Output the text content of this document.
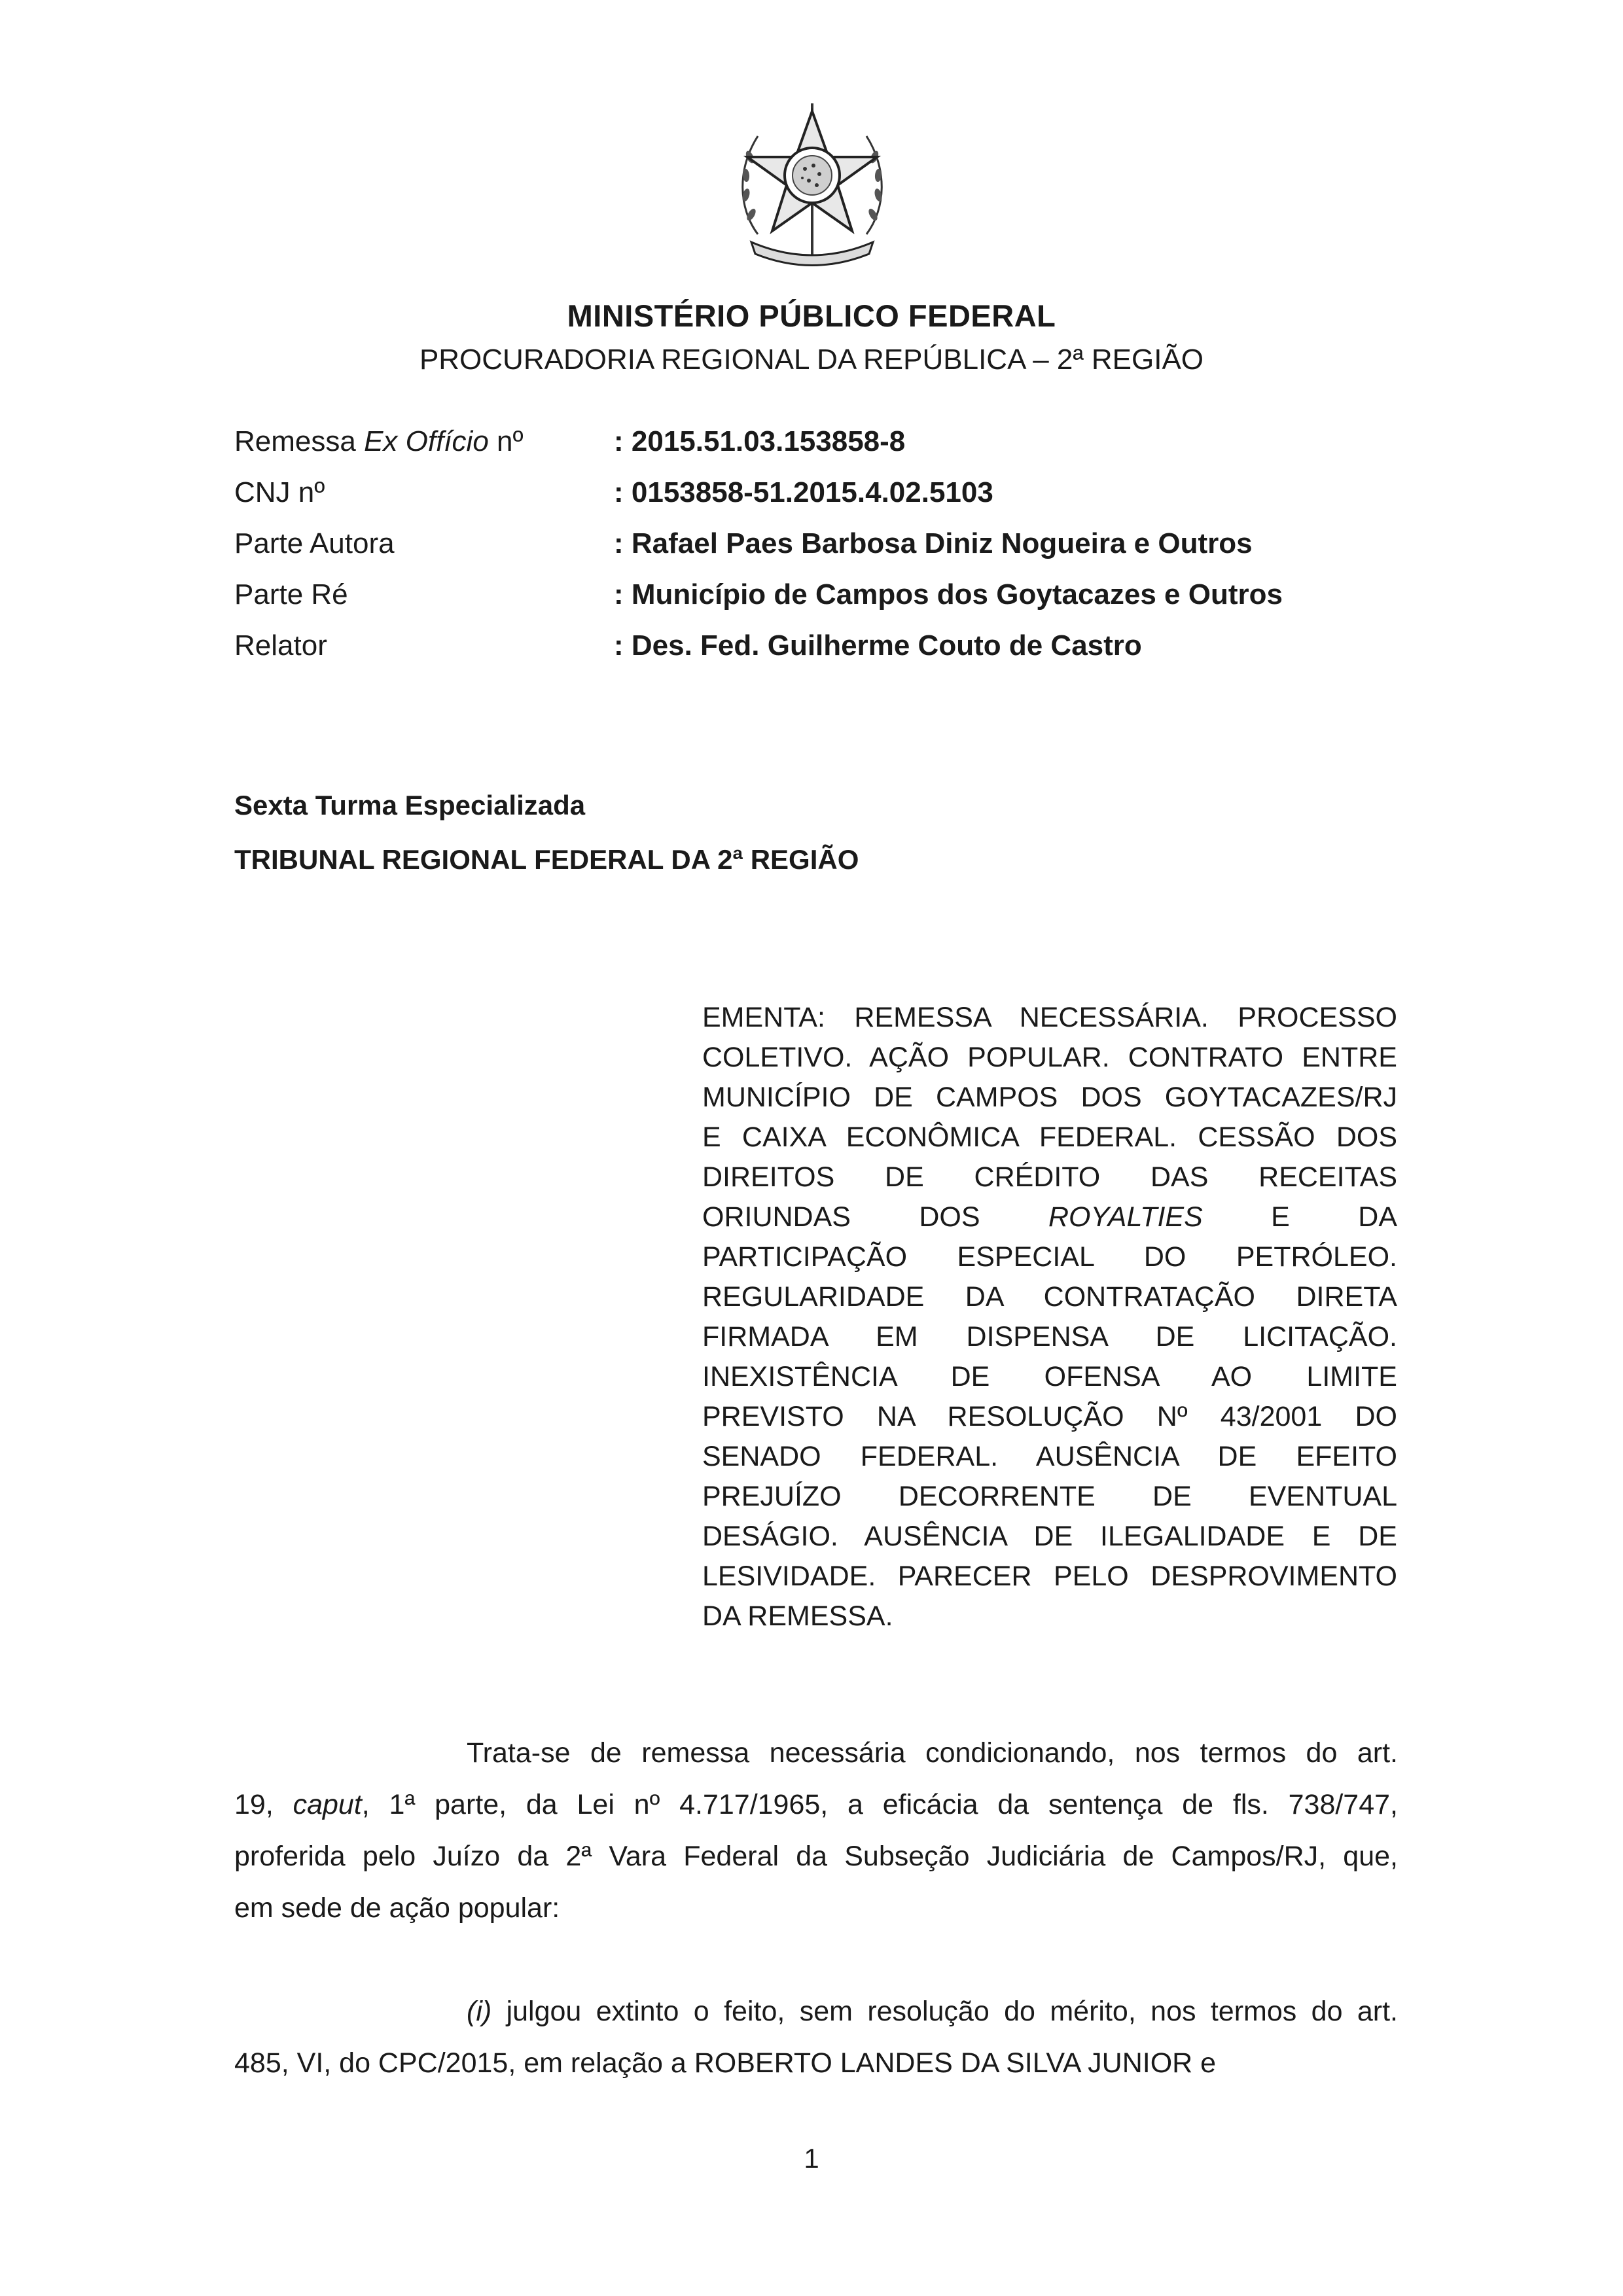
MINISTÉRIO PÚBLICO FEDERAL
PROCURADORIA REGIONAL DA REPÚBLICA – 2ª REGIÃO
Remessa Ex Offício nº	: 2015.51.03.153858-8
CNJ nº	: 0153858-51.2015.4.02.5103
Parte Autora	: Rafael Paes Barbosa Diniz Nogueira e Outros
Parte Ré	: Município de Campos dos Goytacazes e Outros
Relator	: Des. Fed. Guilherme Couto de Castro
Sexta Turma Especializada
TRIBUNAL REGIONAL FEDERAL DA 2ª REGIÃO
EMENTA: REMESSA NECESSÁRIA. PROCESSO
COLETIVO. AÇÃO POPULAR. CONTRATO ENTRE
MUNICÍPIO DE CAMPOS DOS GOYTACAZES/RJ
E CAIXA ECONÔMICA FEDERAL. CESSÃO DOS
DIREITOS DE CRÉDITO DAS RECEITAS
ORIUNDAS DOS ROYALTIES E DA
PARTICIPAÇÃO ESPECIAL DO PETRÓLEO.
REGULARIDADE DA CONTRATAÇÃO DIRETA
FIRMADA EM DISPENSA DE LICITAÇÃO.
INEXISTÊNCIA DE OFENSA AO LIMITE
PREVISTO NA RESOLUÇÃO Nº 43/2001 DO
SENADO FEDERAL. AUSÊNCIA DE EFEITO
PREJUÍZO DECORRENTE DE EVENTUAL
DESÁGIO. AUSÊNCIA DE ILEGALIDADE E DE
LESIVIDADE. PARECER PELO DESPROVIMENTO
DA REMESSA.
Trata-se de remessa necessária condicionando, nos termos do art.
19, caput, 1ª parte, da Lei nº 4.717/1965, a eficácia da sentença de fls. 738/747,
proferida pelo Juízo da 2ª Vara Federal da Subseção Judiciária de Campos/RJ, que,
em sede de ação popular:
(i) julgou extinto o feito, sem resolução do mérito, nos termos do art.
485, VI, do CPC/2015, em relação a ROBERTO LANDES DA SILVA JUNIOR e
1
